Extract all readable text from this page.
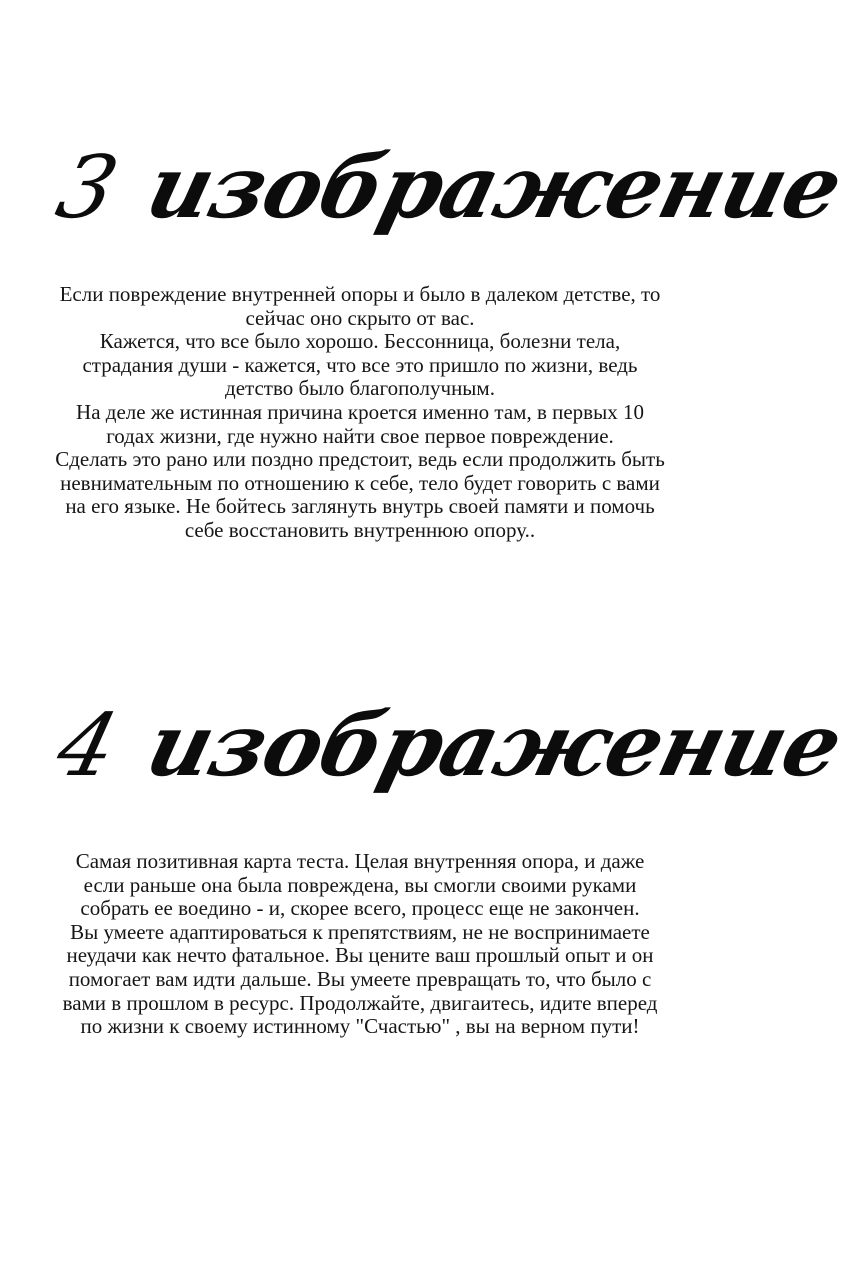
3 изображение

Если повреждение внутренней опоры и было в далеком детстве, то сейчас оно скрыто от вас.

Кажется, что все было хорошо. Бессонница, болезни тела, страдания души - кажется, что все это пришло по жизни, ведь детство было благополучным.

На деле же истинная причина кроется именно там, в первых 10 годах жизни, где нужно найти свое первое повреждение.

Сделать это рано или поздно предстоит, ведь если продолжить быть невнимательным по отношению к себе, тело будет говорить с вами на его языке. Не бойтесь заглянуть внутрь своей памяти и помочь себе восстановить внутреннюю опору..

4 изображение

Самая позитивная карта теста. Целая внутренняя опора, и даже если раньше она была повреждена, вы смогли своими руками собрать ее воедино - и, скорее всего, процесс еще не закончен.

Вы умеете адаптироваться к препятствиям, не не воспринимаете неудачи как нечто фатальное. Вы цените ваш прошлый опыт и он помогает вам идти дальше. Вы умеете превращать то, что было с вами в прошлом в ресурс. Продолжайте, двигаитесь, идите вперед по жизни к своему истинному "Счастью" , вы на верном пути!
